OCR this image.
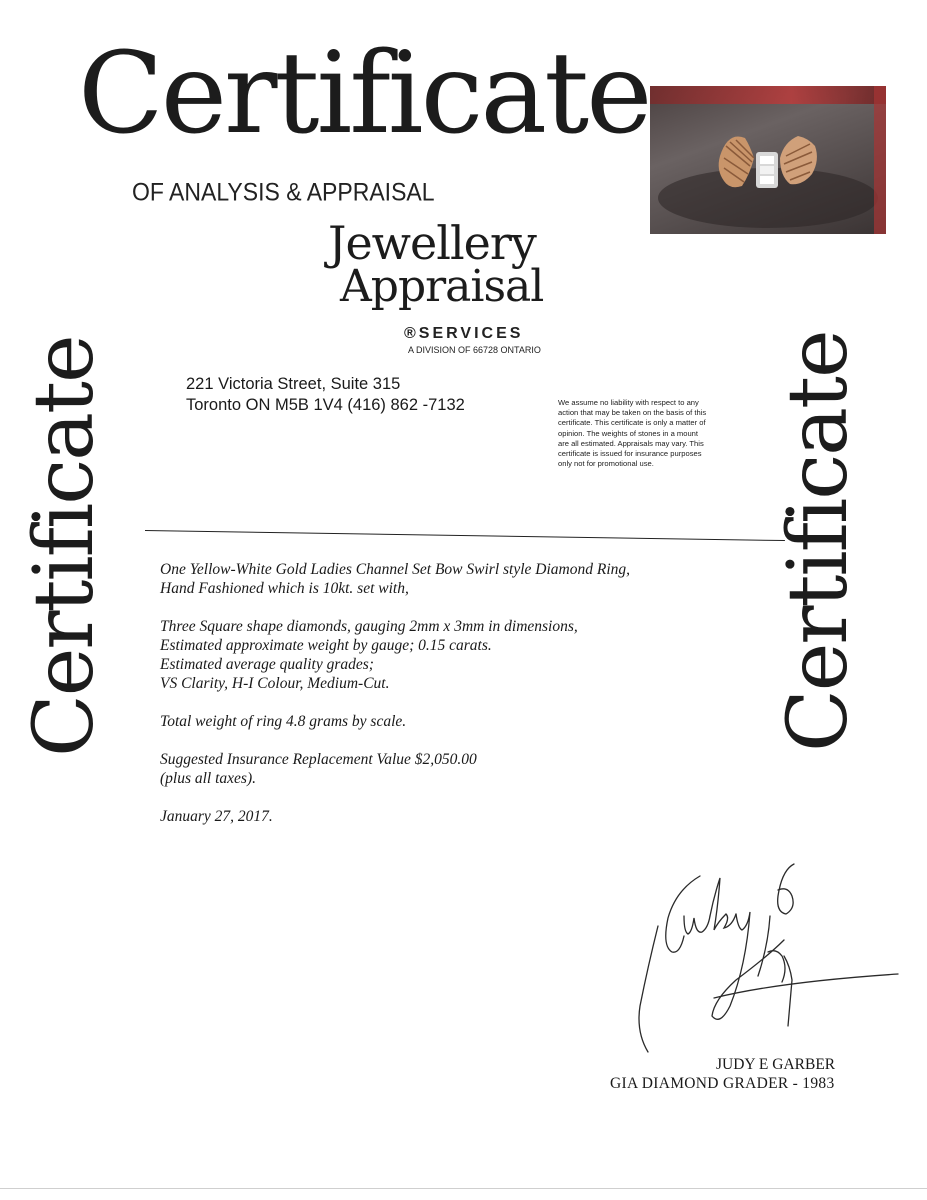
Certificate
OF ANALYSIS & APPRAISAL
Jewellery
Appraisal
®SERVICES
A DIVISION OF 66728 ONTARIO
221 Victoria Street, Suite 315
Toronto ON M5B 1V4 (416) 862 -7132	We assume no liability with respect to any
action that may be taken on the basis of this
certificate. This certificate is only a matter of
opinion. The weights of stones in a mount
are all estimated. Appraisals may vary. This
certificate is issued for insurance purposes
only not for promotional use.
Certificate	Certificate

One Yellow-White Gold Ladies Channel Set Bow Swirl style Diamond Ring,

Hand Fashioned which is 10kt. set with,

Three Square shape diamonds, gauging 2mm x 3mm in dimensions,

Estimated approximate weight by gauge; 0.15 carats.

Estimated average quality grades;

VS Clarity, H-I Colour, Medium-Cut.

Total weight of ring 4.8 grams by scale.

Suggested Insurance Replacement Value $2,050.00

(plus all taxes).

January 27, 2017.

JUDY E GARBER
GIA DIAMOND GRADER - 1983
